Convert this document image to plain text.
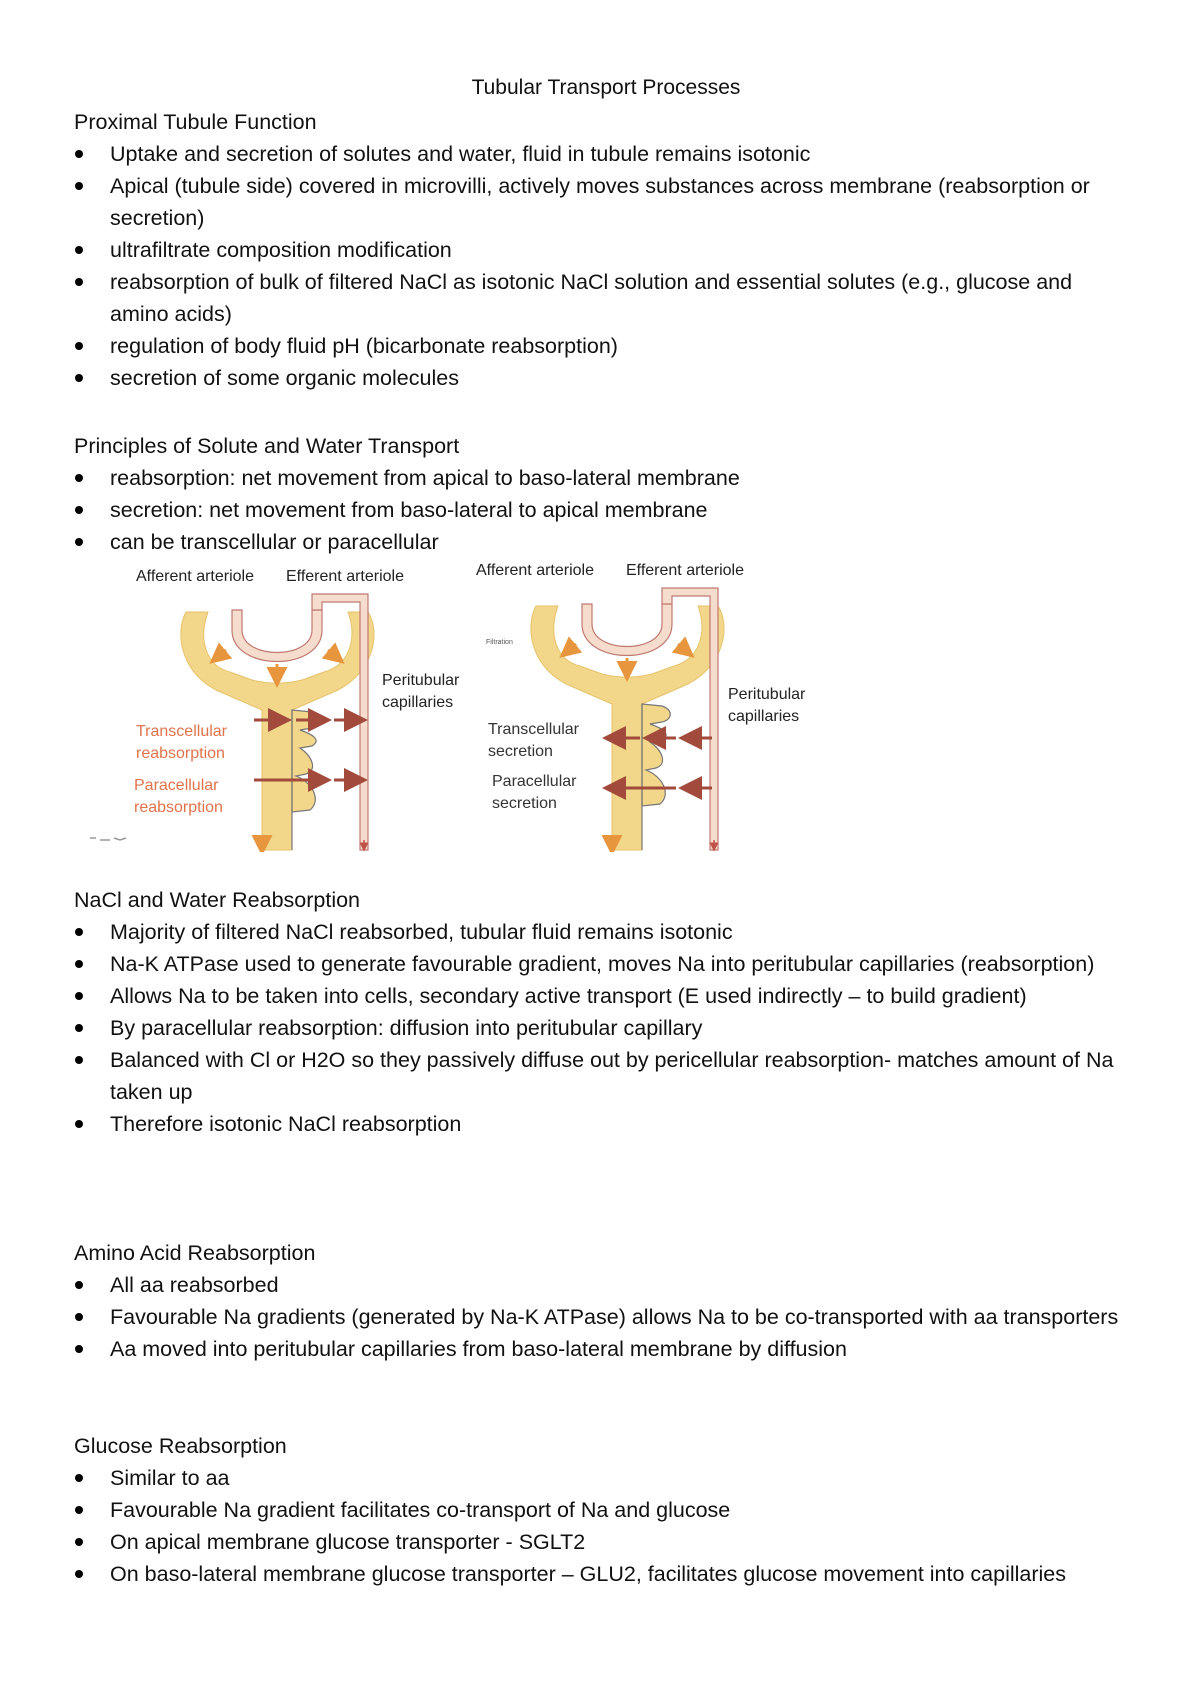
Tubular Transport Processes
Proximal Tubule Function
Uptake and secretion of solutes and water, fluid in tubule remains isotonic
Apical (tubule side) covered in microvilli, actively moves substances across membrane (reabsorption or secretion)
ultrafiltrate composition modification
reabsorption of bulk of filtered NaCl as isotonic NaCl solution and essential solutes (e.g., glucose and amino acids)
regulation of body fluid pH (bicarbonate reabsorption)
secretion of some organic molecules
Principles of Solute and Water Transport
reabsorption: net movement from apical to baso-lateral membrane
secretion: net movement from baso-lateral to apical membrane
can be transcellular or paracellular
Afferent arteriole Efferent arteriole
Peritubular
capillaries
Transcellular
reabsorption
Paracellular
reabsorption
Afferent arteriole Efferent arteriole
Filtration
Peritubular
capillaries
Transcellular
secretion
Paracellular
secretion
NaCl and Water Reabsorption
Majority of filtered NaCl reabsorbed, tubular fluid remains isotonic
Na-K ATPase used to generate favourable gradient, moves Na into peritubular capillaries (reabsorption)
Allows Na to be taken into cells, secondary active transport (E used indirectly – to build gradient)
By paracellular reabsorption: diffusion into peritubular capillary
Balanced with Cl or H2O so they passively diffuse out by pericellular reabsorption- matches amount of Na taken up
Therefore isotonic NaCl reabsorption
Amino Acid Reabsorption
All aa reabsorbed
Favourable Na gradients (generated by Na-K ATPase) allows Na to be co-transported with aa transporters
Aa moved into peritubular capillaries from baso-lateral membrane by diffusion
Glucose Reabsorption
Similar to aa
Favourable Na gradient facilitates co-transport of Na and glucose
On apical membrane glucose transporter - SGLT2
On baso-lateral membrane glucose transporter – GLU2, facilitates glucose movement into capillaries
